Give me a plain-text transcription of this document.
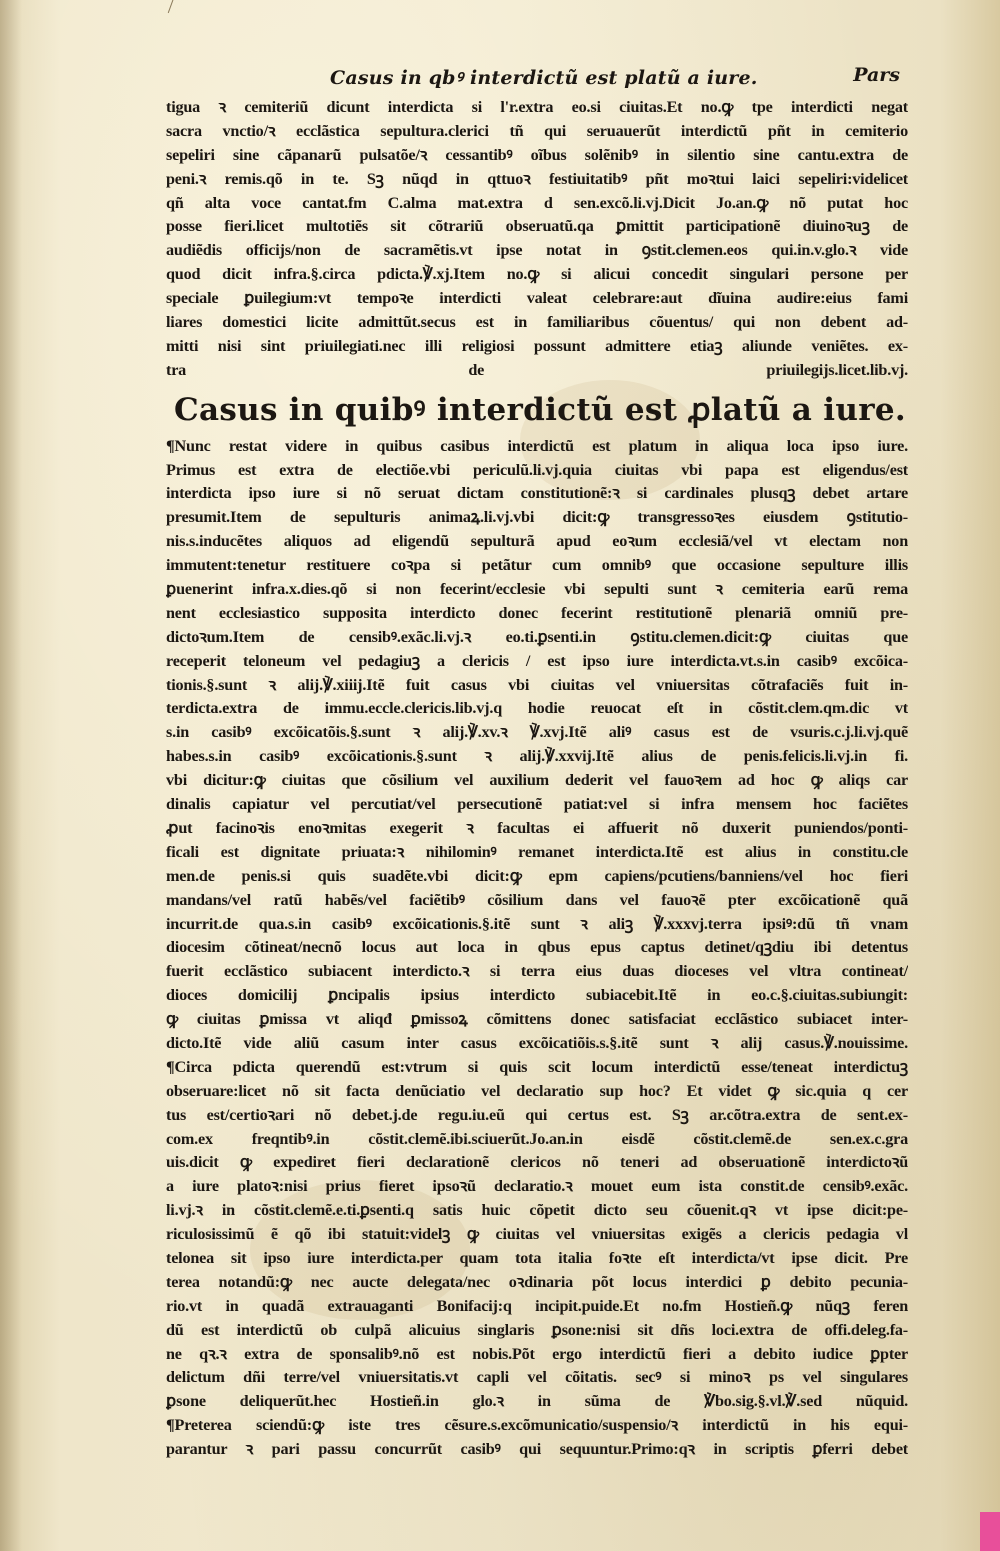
Casus in qbꝰ interdictũ est platũ a iure.	Pars
tigua ꝛ cemiteriũ dicunt interdicta si l'r.extra eo.si ciuitas.Et no.ꝙ tpe interdicti negat
sacra vnctio/ꝛ ecclãstica sepultura.clerici tñ qui seruauerũt interdictũ pñt in cemiterio
sepeliri sine cãpanarũ pulsatõe/ꝛ cessantibꝰ oĩbus solẽnibꝰ in silentio sine cantu.extra de
peni.ꝛ remis.qõ in te. Sꝫ nũqd in qttuoꝛ festiuitatibꝰ pñt moꝛtui laici sepeliri:videlicet
qñ alta voce cantat.fm C.alma mat.extra d sen.excõ.li.vj.Dicit Jo.an.ꝙ nõ putat hoc
posse fieri.licet multotiẽs sit cõtrariũ obseruatũ.qa ꝑmittit participationẽ diuinoꝛuꝫ de
audiẽdis officijs/non de sacramẽtis.vt ipse notat in ꝯstit.clemen.eos qui.in.v.glo.ꝛ vide
quod dicit infra.§.circa pdicta.℣.xj.Item no.ꝙ si alicui concedit singulari persone per
speciale ꝑuilegium:vt tempoꝛe interdicti valeat celebrare:aut dĩuina audire:eius fami
liares domestici licite admittũt.secus est in familiaribus cõuentus/ qui non debent ad-
mitti nisi sint priuilegiati.nec illi religiosi possunt admittere etiaꝫ aliunde veniẽtes. ex-
tra de priuilegijs.licet.lib.vj.
Casus in quibꝰ interdictũ est ꝓlatũ a iure.
¶Nunc restat videre in quibus casibus interdictũ est platum in aliqua loca ipso iure.
Primus est extra de electiõe.vbi periculũ.li.vj.quia ciuitas vbi papa est eligendus/est
interdicta ipso iure si nõ seruat dictam constitutionẽ:ꝛ si cardinales plusqꝫ debet artare
presumit.Item de sepulturis animaꝝ.li.vj.vbi dicit:ꝙ transgressoꝛes eiusdem ꝯstitutio-
nis.s.inducẽtes aliquos ad eligendũ sepulturã apud eoꝛum ecclesiã/vel vt electam non
immutent:tenetur restituere coꝛpa si petãtur cum omnibꝰ que occasione sepulture illis
ꝑuenerint infra.x.dies.qõ si non fecerint/ecclesie vbi sepulti sunt ꝛ cemiteria earũ rema
nent ecclesiastico supposita interdicto donec fecerint restitutionẽ plenariã omniũ pre-
dictoꝛum.Item de censibꝰ.exãc.li.vj.ꝛ eo.ti.ꝑsenti.in ꝯstitu.clemen.dicit:ꝙ ciuitas que
receperit teloneum vel pedagiuꝫ a clericis / est ipso iure interdicta.vt.s.in casibꝰ excõica-
tionis.§.sunt ꝛ alij.℣.xiiij.Itẽ fuit casus vbi ciuitas vel vniuersitas cõtrafaciẽs fuit in-
terdicta.extra de immu.eccle.clericis.lib.vj.q hodie reuocat eſt in cõstit.clem.qm.dic vt
s.in casibꝰ excõicatõis.§.sunt ꝛ alij.℣.xv.ꝛ ℣.xvj.Itẽ aliꝰ casus est de vsuris.c.j.li.vj.quẽ
habes.s.in casibꝰ excõicationis.§.sunt ꝛ alij.℣.xxvij.Itẽ alius de penis.felicis.li.vj.in fi.
vbi dicitur:ꝙ ciuitas que cõsilium vel auxilium dederit vel fauoꝛem ad hoc ꝙ aliqs car
dinalis capiatur vel percutiat/vel persecutionẽ patiat:vel si infra mensem hoc faciẽtes
ꝓut facinoꝛis enoꝛmitas exegerit ꝛ facultas ei affuerit nõ duxerit puniendos/ponti-
ficali est dignitate priuata:ꝛ nihilominꝰ remanet interdicta.Itẽ est alius in constitu.cle
men.de penis.si quis suadẽte.vbi dicit:ꝙ epm capiens/pcutiens/banniens/vel hoc fieri
mandans/vel ratũ habẽs/vel faciẽtibꝰ cõsilium dans vel fauoꝛẽ pter excõicationẽ quã
incurrit.de qua.s.in casibꝰ excõicationis.§.itẽ sunt ꝛ aliꝫ ℣.xxxvj.terra ipsiꝰ:dũ tñ vnam
diocesim cõtineat/necnõ locus aut loca in qbus epus captus detinet/qꝫdiu ibi detentus
fuerit ecclãstico subiacent interdicto.ꝛ si terra eius duas dioceses vel vltra contineat/
dioces domicilij ꝑncipalis ipsius interdicto subiacebit.Itẽ in eo.c.§.ciuitas.subiungit:
ꝙ ciuitas ꝑmissa vt aliqđ ꝑmissoꝝ cõmittens donec satisfaciat ecclãstico subiacet inter-
dicto.Itẽ vide aliũ casum inter casus excõicatiõis.s.§.itẽ sunt ꝛ alij casus.℣.nouissime.
¶Circa pdicta querendũ est:vtrum si quis scit locum interdictũ esse/teneat interdictuꝫ
obseruare:licet nõ sit facta denũciatio vel declaratio sup hoc? Et videt ꝙ sic.quia q cer
tus est/certioꝛari nõ debet.j.de regu.iu.eũ qui certus est. Sꝫ ar.cõtra.extra de sent.ex-
com.ex freqntibꝰ.in cõstit.clemẽ.ibi.sciuerũt.Jo.an.in eisdẽ cõstit.clemẽ.de sen.ex.c.gra
uis.dicit ꝙ expediret fieri declarationẽ clericos nõ teneri ad obseruationẽ interdictoꝛũ
a iure platoꝛ:nisi prius fieret ipsoꝛũ declaratio.ꝛ mouet eum ista constit.de censibꝰ.exãc.
li.vj.ꝛ in cõstit.clemẽ.e.ti.ꝑsenti.q satis huic cõpetit dicto seu cõuenit.qꝛ vt ipse dicit:pe-
riculosissimũ ẽ qõ ibi statuit:videlꝫ ꝙ ciuitas vel vniuersitas exigẽs a clericis pedagia vl
telonea sit ipso iure interdicta.per quam tota italia foꝛte eſt interdicta/vt ipse dicit. Pre
terea notandũ:ꝙ nec aucte delegata/nec oꝛdinaria põt locus interdici ꝑ debito pecunia-
rio.vt in quadã extrauaganti Bonifacij:q incipit.puide.Et no.fm Hostieñ.ꝙ nũqꝫ feren
dũ est interdictũ ob culpã alicuius singlaris ꝑsone:nisi sit dñs loci.extra de offi.deleg.fa-
ne qꝛ.ꝛ extra de sponsalibꝰ.nõ est nobis.Põt ergo interdictũ fieri a debito iudice ꝑpter
delictum dñi terre/vel vniuersitatis.vt capli vel cõitatis. secꝰ si minoꝛ ps vel singulares
ꝑsone deliquerũt.hec Hostieñ.in glo.ꝛ in sũma de ℣bo.sig.§.vl.℣.sed nũquid.
¶Preterea sciendũ:ꝙ iste tres cẽsure.s.excõmunicatio/suspensio/ꝛ interdictũ in his equi-
parantur ꝛ pari passu concurrũt casibꝰ qui sequuntur.Primo:qꝛ in scriptis ꝑferri debet
